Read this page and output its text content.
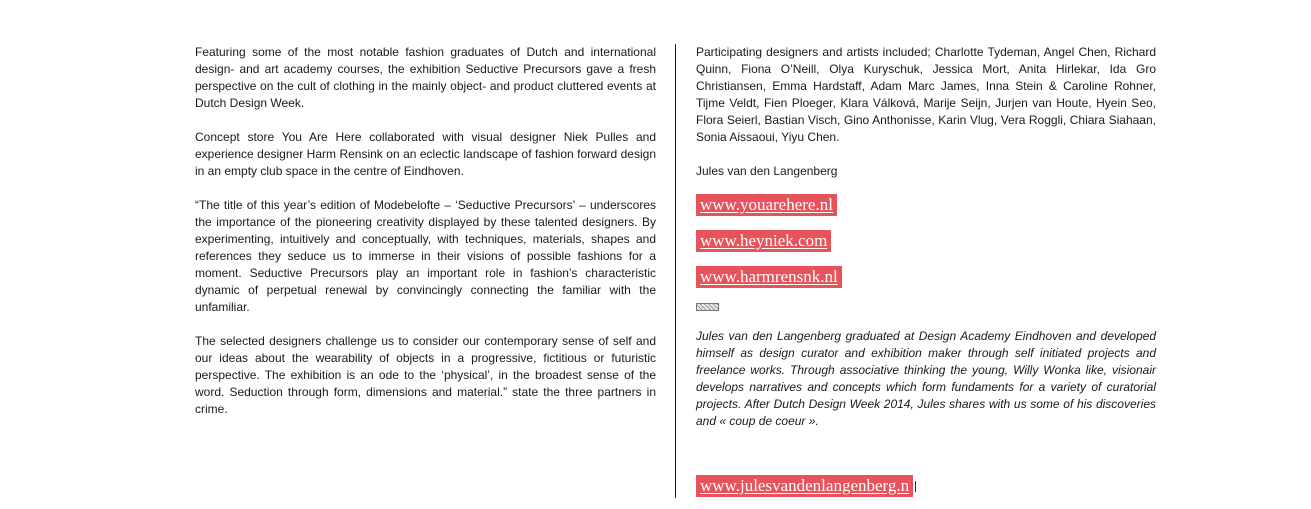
Featuring some of the most notable fashion graduates of Dutch and international design- and art academy courses, the exhibition Seductive Precursors gave a fresh perspective on the cult of clothing in the mainly object- and product cluttered events at Dutch Design Week.

Concept store You Are Here collaborated with visual designer Niek Pulles and experience designer Harm Rensink on an eclectic landscape of fashion forward design in an empty club space in the centre of Eindhoven.

“The title of this year’s edition of Modebelofte – ‘Seductive Precursors’ – underscores the importance of the pioneering creativity displayed by these talented designers. By experimenting, intuitively and conceptually, with techniques, materials, shapes and references they seduce us to immerse in their visions of possible fashions for a moment. Seductive Precursors play an important role in fashion’s characteristic dynamic of perpetual renewal by convincingly connecting the familiar with the unfamiliar.

The selected designers challenge us to consider our contemporary sense of self and our ideas about the wearability of objects in a progressive, fictitious or futuristic perspective. The exhibition is an ode to the ‘physical’, in the broadest sense of the word. Seduction through form, dimensions and material.” state the three partners in crime.

Participating designers and artists included; Charlotte Tydeman, Angel Chen, Richard Quinn, Fiona O’Neill, Olya Kuryschuk, Jessica Mort, Anita Hirlekar, Ida Gro Christiansen, Emma Hardstaff, Adam Marc James, Inna Stein & Caroline Rohner, Tijme Veldt, Fien Ploeger, Klara Válková, Marije Seijn, Jurjen van Houte, Hyein Seo, Flora Seierl, Bastian Visch, Gino Anthonisse, Karin Vlug, Vera Roggli, Chiara Siahaan, Sonia Aissaoui, Yiyu Chen.

Jules van den Langenberg

www.youarehere.nl
www.heyniek.com
www.harmrensnk.nl

Jules van den Langenberg graduated at Design Academy Eindhoven and developed himself as design curator and exhibition maker through self initiated projects and freelance works. Through associative thinking the young, Willy Wonka like, visionair develops narratives and concepts which form fundaments for a variety of curatorial projects. After Dutch Design Week 2014, Jules shares with us some of his discoveries and « coup de coeur ».

www.julesvandenlangenberg.n
